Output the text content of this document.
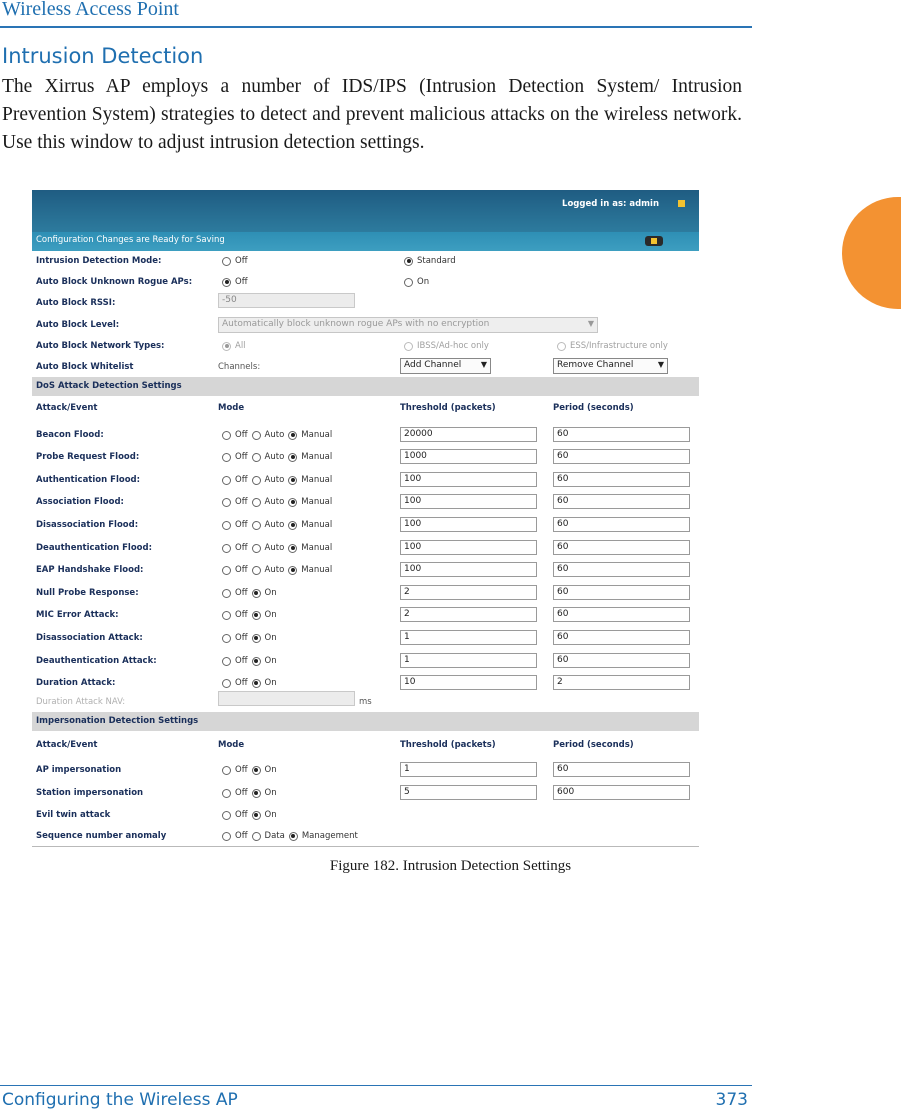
Wireless Access Point
Intrusion Detection
The Xirrus AP employs a number of IDS/IPS (Intrusion Detection System/ Intrusion Prevention System) strategies to detect and prevent malicious attacks on the wireless network. Use this window to adjust intrusion detection settings.
Logged in as: admin
Configuration Changes are Ready for Saving
Intrusion Detection Mode:	Off	Standard
Auto Block Unknown Rogue APs:	Off	On
Auto Block RSSI:	-50
Auto Block Level:	Automatically block unknown rogue APs with no encryption	▼
Auto Block Network Types:	All	IBSS/Ad-hoc only	ESS/Infrastructure only
Auto Block Whitelist	Channels:	Add Channel ▼	Remove Channel	▼
DoS Attack Detection Settings
Attack/Event	Mode	Threshold (packets)	Period (seconds)
Beacon Flood:	Off Auto Manual	20000	60
Probe Request Flood:	Off Auto Manual	1000	60
Authentication Flood:	Off Auto Manual	100	60
Association Flood:	Off Auto Manual	100	60
Disassociation Flood:	Off Auto Manual	100	60
Deauthentication Flood:	Off Auto Manual	100	60
EAP Handshake Flood:	Off Auto Manual	100	60
Null Probe Response:	Off On	2	60
MIC Error Attack:	Off On	2	60
Disassociation Attack:	Off On	1	60
Deauthentication Attack:	Off On	1	60
Duration Attack:	Off On	10	2
Duration Attack NAV:	ms
Impersonation Detection Settings
Attack/Event	Mode	Threshold (packets)	Period (seconds)
AP impersonation	Off On	1	60
Station impersonation	Off On	5	600
Evil twin attack	Off On
Sequence number anomaly	Off Data Management
Figure 182. Intrusion Detection Settings
Configuring the Wireless AP	373
